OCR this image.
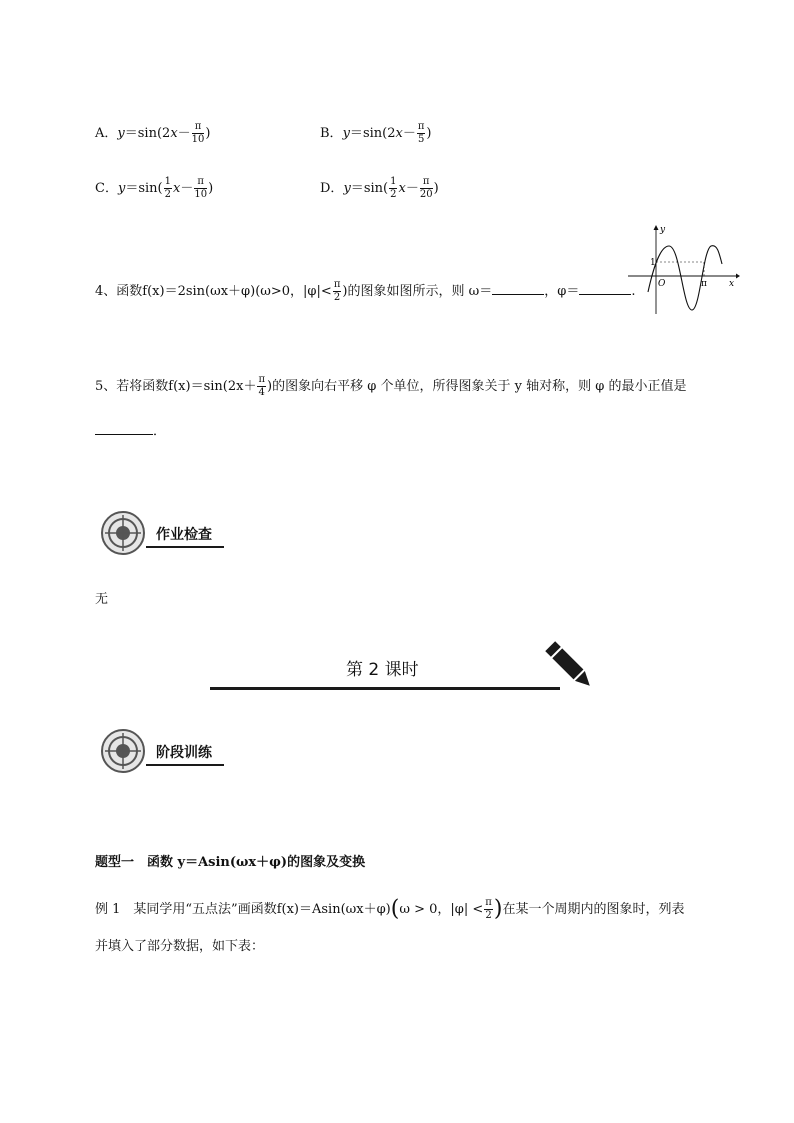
A．$y=\sin(2x- \frac{\pi}{10}$ )	B．$y=\sin(2x- \frac{\pi}{5}$ )
C．$y=\sin( \frac{1}{2} x- \frac{\pi}{10}$ )	D．$y=\sin( \frac{1}{2} x- \frac{\pi}{20}$ )
4、函数f(x)＝2sin(ωx＋φ)(ω>0，$|\varphi|< \frac{\pi}{2}$ )的图象如图所示，则 ω＝	，φ＝	.
y
x
O
1
π
5、若将函数$f(x)=\sin(2x+ \frac{\pi}{4}$ )的图象向右平移 φ 个单位，所得图象关于 y 轴对称，则 φ 的最小正值是
．
作业检查
无
第 2 课时
阶段训练
题型一　函数 y＝Asin(ωx＋φ)的图象及变换
例 1　某同学用“五点法”画函数f(x)＝Asin(ωx＋φ)(ω > 0，$|\varphi| < \frac{\pi}{2}$ )在某一个周期内的图象时，列表
并填入了部分数据，如下表：
